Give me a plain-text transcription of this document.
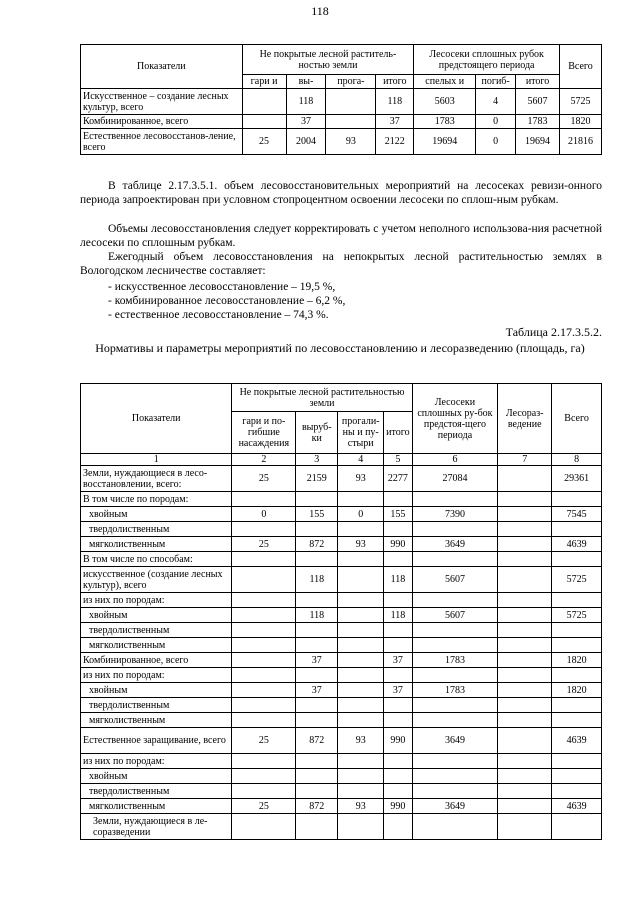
118
Показатели	Не покрытые лесной раститель-ностью земли				Лесосеки сплошных рубок предстоящего периода			Всего
	гари и	вы-	прога-	итого	спелых и	погиб-	итого	
Искусственное – создание лесных культур, всего		118		118	5603	4	5607	5725
Комбинированное, всего		37		37	1783	0	1783	1820
Естественное лесовосстанов-ление, всего	25	2004	93	2122	19694	0	19694	21816
В таблице 2.17.3.5.1. объем лесовосстановительных мероприятий на лесосеках ревизи-онного периода запроектирован при условном стопроцентном освоении лесосеки по сплош-ным рубкам.
Объемы лесовосстановления следует корректировать с учетом неполного использова-ния расчетной лесосеки по сплошным рубкам.
Ежегодный объем лесовосстановления на непокрытых лесной растительностью землях в Вологодском лесничестве составляет:
- искусственное лесовосстановление – 19,5 %,
- комбинированное лесовосстановление – 6,2 %,
- естественное лесовосстановление – 74,3 %.
Таблица 2.17.3.5.2.
Нормативы и параметры мероприятий по лесовосстановлению и лесоразведению (площадь, га)
Показатели	Не покрытые лесной растительностью земли				Лесосеки сплошных ру-бок предстоя-щего периода	Лесораз-ведение	Всего
	гари и по-гибшие насаждения	выруб-ки	прогали-ны и пу-стыри	итого			
1	2	3	4	5	6	7	8
Земли, нуждающиеся в лесо-восстановлении, всего:	25	2159	93	2277	27084		29361
В том числе по породам:							
хвойным	0	155	0	155	7390		7545
твердолиственным							
мягколиственным	25	872	93	990	3649		4639
В том числе по способам:							
искусственное (создание лесных культур), всего		118		118	5607		5725
из них по породам:							
хвойным		118		118	5607		5725
твердолиственным							
мягколиственным							
Комбинированное, всего		37		37	1783		1820
из них по породам:							
хвойным		37		37	1783		1820
твердолиственным							
мягколиственным							
Естественное заращивание, всего	25	872	93	990	3649		4639
из них по породам:							
хвойным							
твердолиственным							
мягколиственным	25	872	93	990	3649		4639
Земли, нуждающиеся в ле-соразведении							
